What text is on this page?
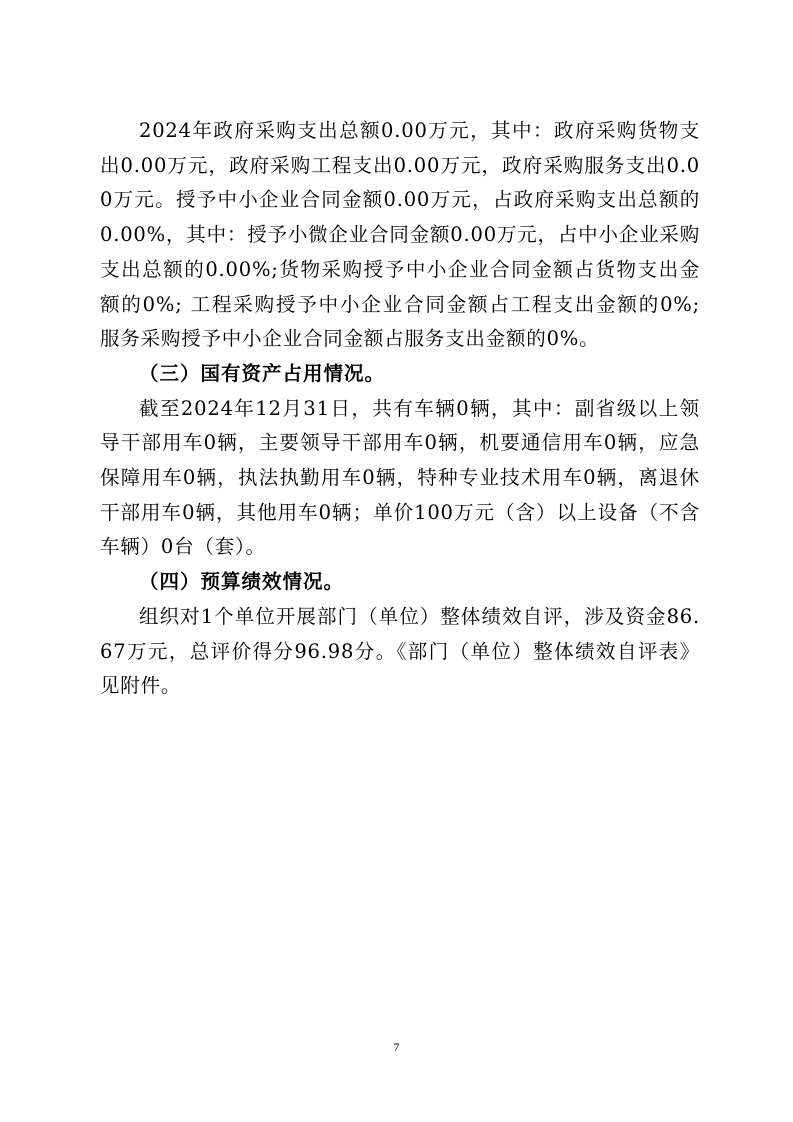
2024年政府采购支出总额0.00万元，其中：政府采购货物支出0.00万元，政府采购工程支出0.00万元，政府采购服务支出0.00万元。授予中小企业合同金额0.00万元，占政府采购支出总额的0.00%，其中：授予小微企业合同金额0.00万元，占中小企业采购支出总额的0.00%;货物采购授予中小企业合同金额占货物支出金额的0%; 工程采购授予中小企业合同金额占工程支出金额的0%; 服务采购授予中小企业合同金额占服务支出金额的0%。

（三）国有资产占用情况。

截至2024年12月31日，共有车辆0辆，其中：副省级以上领导干部用车0辆，主要领导干部用车0辆，机要通信用车0辆，应急保障用车0辆，执法执勤用车0辆，特种专业技术用车0辆，离退休干部用车0辆，其他用车0辆；单价100万元（含）以上设备（不含车辆）0台（套）。

（四）预算绩效情况。

组织对1个单位开展部门（单位）整体绩效自评，涉及资金86.67万元，总评价得分96.98分。《部门（单位）整体绩效自评表》见附件。

7
